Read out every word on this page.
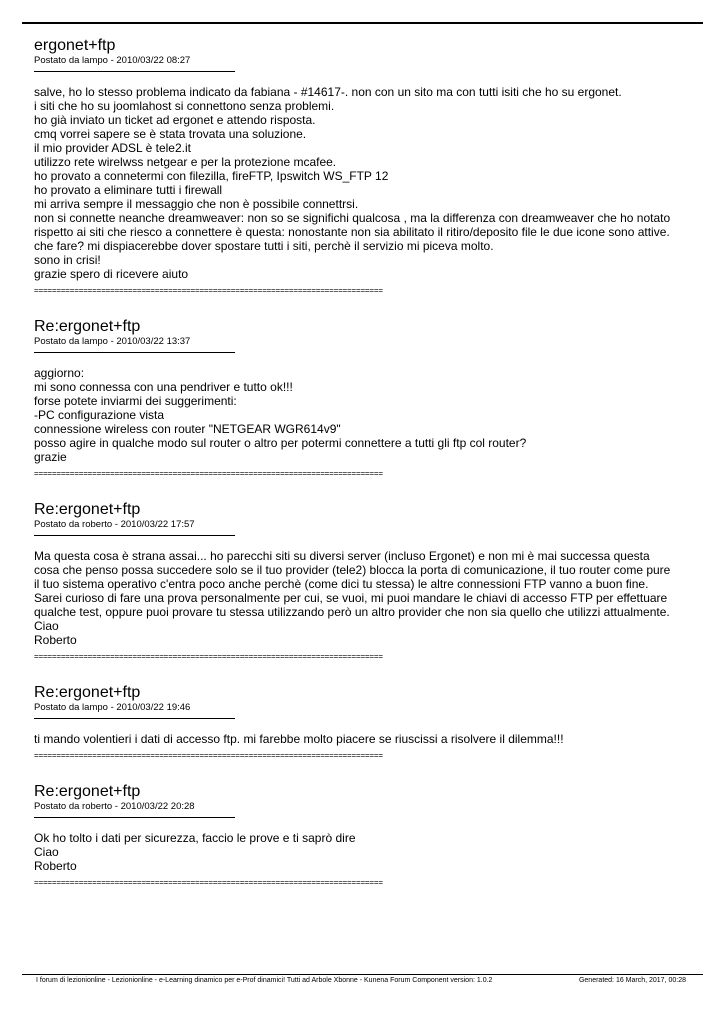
ergonet+ftp
Postato da lampo - 2010/03/22 08:27
salve, ho lo stesso problema indicato da fabiana - #14617-. non con un sito ma con tutti isiti che ho su ergonet.
i siti che ho su joomlahost si connettono senza problemi.
ho già inviato un ticket ad ergonet e attendo risposta.
cmq vorrei sapere se è stata trovata una soluzione.
il mio provider ADSL è tele2.it
utilizzo rete wirelwss netgear e per la protezione mcafee.
ho provato a connetermi con filezilla, fireFTP, Ipswitch WS_FTP 12
ho provato a eliminare tutti i firewall
mi arriva sempre il messaggio che non è possibile connettrsi.
non si connette neanche dreamweaver: non so se significhi qualcosa , ma la differenza con dreamweaver che ho notato
rispetto ai siti che riesco a connettere è questa: nonostante non sia abilitato il ritiro/deposito file le due icone sono attive.
che fare? mi dispiacerebbe dover spostare tutti i siti, perchè il servizio mi piceva molto.
sono in crisi!
grazie spero di ricevere aiuto
==============================================================================
Re:ergonet+ftp
Postato da lampo - 2010/03/22 13:37
aggiorno:
mi sono connessa con una pendriver e tutto ok!!!
forse potete inviarmi dei suggerimenti:
-PC configurazione vista
connessione wireless con router "NETGEAR WGR614v9"
posso agire in qualche modo sul router o altro per potermi connettere a tutti gli ftp col router?
grazie
==============================================================================
Re:ergonet+ftp
Postato da roberto - 2010/03/22 17:57
Ma questa cosa è strana assai... ho parecchi siti su diversi server (incluso Ergonet) e non mi è mai successa questa
cosa che penso possa succedere solo se il tuo provider (tele2) blocca la porta di comunicazione, il tuo router come pure
il tuo sistema operativo c'entra poco anche perchè (come dici tu stessa) le altre connessioni FTP vanno a buon fine.
Sarei curioso di fare una prova personalmente per cui, se vuoi, mi puoi mandare le chiavi di accesso FTP per effettuare
qualche test, oppure puoi provare tu stessa utilizzando però un altro provider che non sia quello che utilizzi attualmente.
Ciao
Roberto
==============================================================================
Re:ergonet+ftp
Postato da lampo - 2010/03/22 19:46
ti mando volentieri i dati di accesso ftp. mi farebbe molto piacere se riuscissi a risolvere il dilemma!!!
==============================================================================
Re:ergonet+ftp
Postato da roberto - 2010/03/22 20:28
Ok ho tolto i dati per sicurezza, faccio le prove e ti saprò dire
Ciao
Roberto
==============================================================================
I forum di lezionionline - Lezionionline - e-Learning dinamico per e-Prof dinamici! Tutti ad Arbole Xbonne - Kunena Forum Component version: 1.0.2	Generated: 16 March, 2017, 00:28
